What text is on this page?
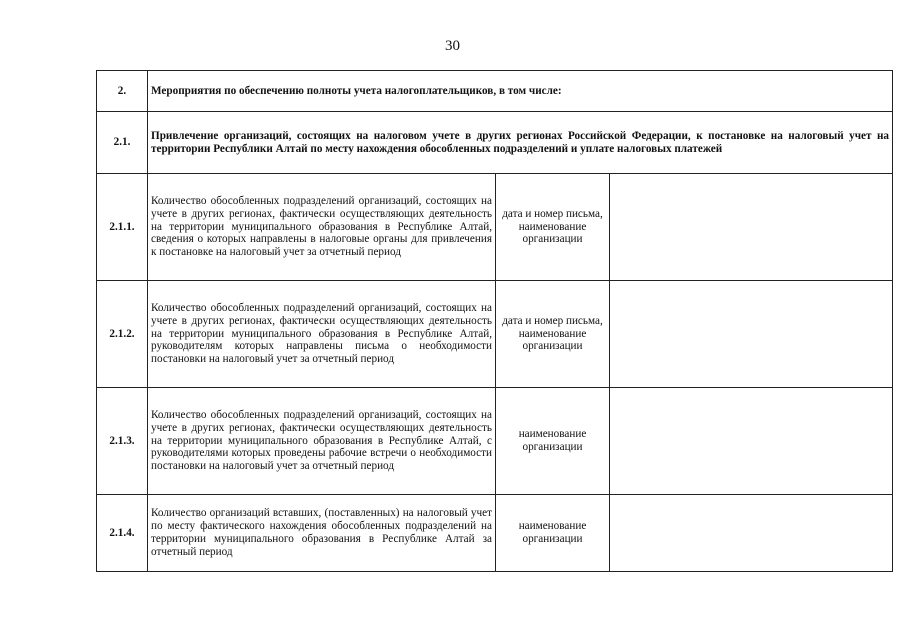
30
2.	Мероприятия по обеспечению полноты учета налогоплательщиков, в том числе:		
2.1.	Привлечение организаций, состоящих на налоговом учете в других регионах Российской Федерации, к постановке на налоговый учет на территории Республики Алтай по месту нахождения обособленных подразделений и уплате налоговых платежей		
2.1.1.	Количество обособленных подразделений организаций, состоящих на учете в других регионах, фактически осуществляющих деятельность на территории муниципального образования в Республике Алтай, сведения о которых направлены в налоговые органы для привлечения к постановке на налоговый учет за отчетный период	дата и номер письма, наименование организации	
2.1.2.	Количество обособленных подразделений организаций, состоящих на учете в других регионах, фактически осуществляющих деятельность на территории муниципального образования в Республике Алтай, руководителям которых направлены письма о необходимости постановки на налоговый учет за отчетный период	дата и номер письма, наименование организации	
2.1.3.	Количество обособленных подразделений организаций, состоящих на учете в других регионах, фактически осуществляющих деятельность на территории муниципального образования в Республике Алтай, с руководителями которых проведены рабочие встречи о необходимости постановки на налоговый учет за отчетный период	наименование организации	
2.1.4.	Количество организаций вставших, (поставленных) на налоговый учет по месту фактического нахождения обособленных подразделений на территории муниципального образования в Республике Алтай за отчетный период	наименование организации	
